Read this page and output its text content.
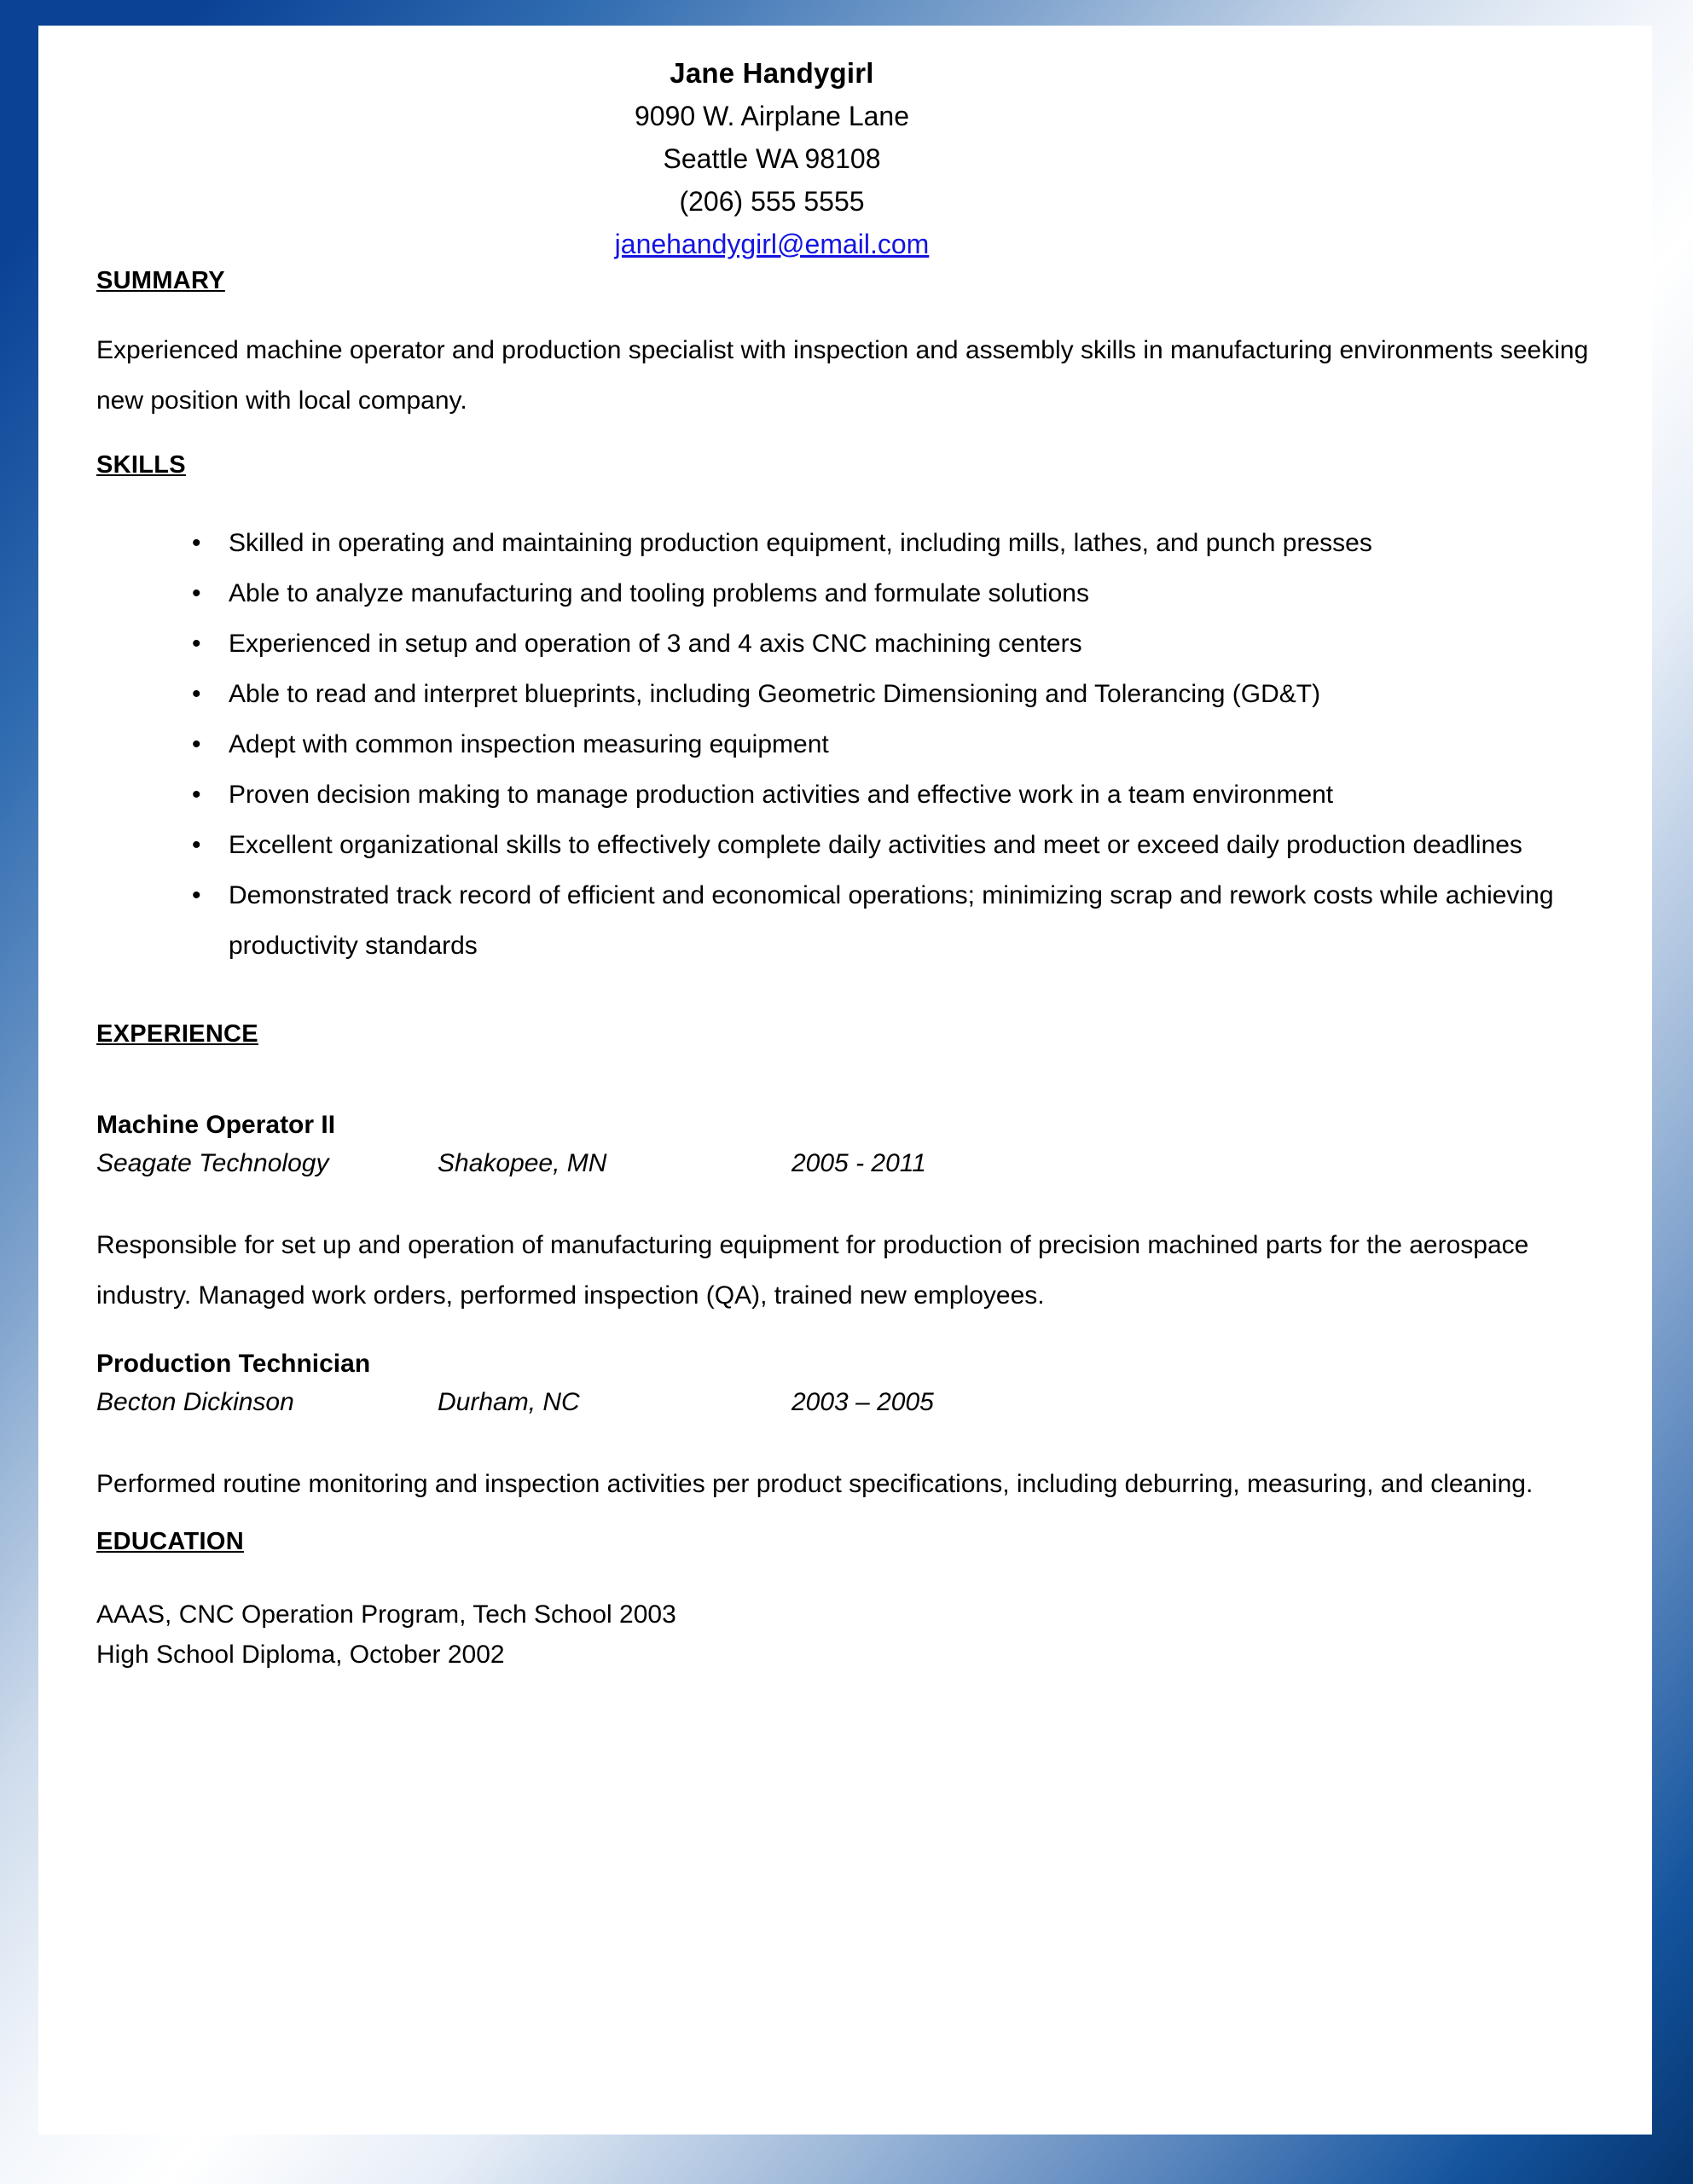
Jane Handygirl
9090 W. Airplane Lane
Seattle WA 98108
(206) 555 5555
janehandygirl@email.com
SUMMARY

Experienced machine operator and production specialist with inspection and assembly skills in manufacturing environments seeking new position with local company.

SKILLS
• Skilled in operating and maintaining production equipment, including mills, lathes, and punch presses
• Able to analyze manufacturing and tooling problems and formulate solutions
• Experienced in setup and operation of 3 and 4 axis CNC machining centers
• Able to read and interpret blueprints, including Geometric Dimensioning and Tolerancing (GD&T)
• Adept with common inspection measuring equipment
• Proven decision making to manage production activities and effective work in a team environment
• Excellent organizational skills to effectively complete daily activities and meet or exceed daily production deadlines
• Demonstrated track record of efficient and economical operations; minimizing scrap and rework costs while achieving productivity standards
EXPERIENCE
Machine Operator II
Seagate Technology	Shakopee, MN	2005 - 2011

Responsible for set up and operation of manufacturing equipment for production of precision machined parts for the aerospace industry. Managed work orders, performed inspection (QA), trained new employees.

Production Technician
Becton Dickinson	Durham, NC	2003 – 2005

Performed routine monitoring and inspection activities per product specifications, including deburring, measuring, and cleaning.

EDUCATION

AAAS, CNC Operation Program, Tech School 2003

High School Diploma, October 2002
